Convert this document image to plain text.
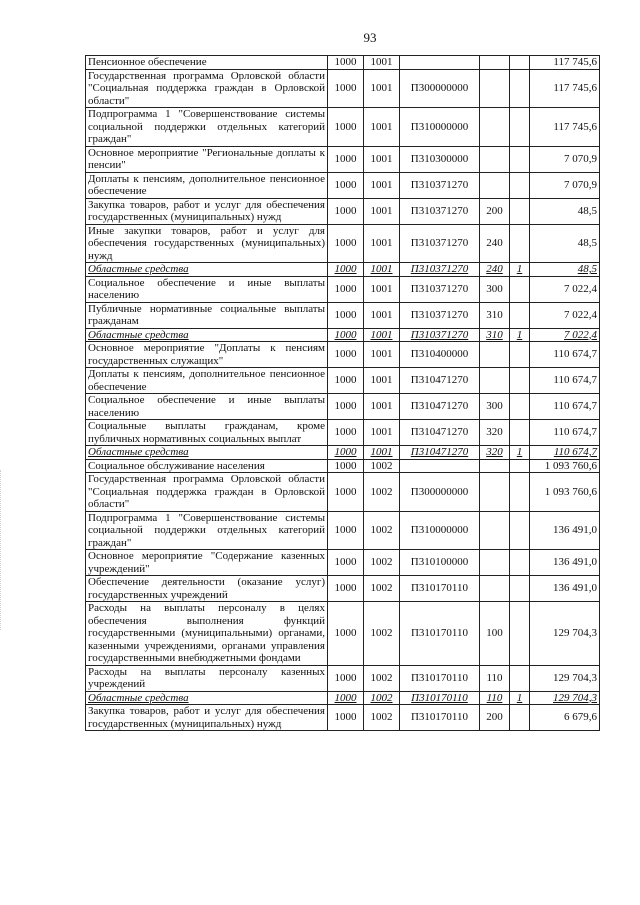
93
Пенсионное обеспечение	1000	1001				117 745,6
Государственная программа Орловской области "Социальная поддержка граждан в Орловской области"	1000	1001	П300000000			117 745,6
Подпрограмма 1 "Совершенствование системы социальной поддержки отдельных категорий граждан"	1000	1001	П310000000			117 745,6
Основное мероприятие "Региональные доплаты к пенсии"	1000	1001	П310300000			7 070,9
Доплаты к пенсиям, дополнительное пенсионное обеспечение	1000	1001	П310371270			7 070,9
Закупка товаров, работ и услуг для обеспечения государственных (муниципальных) нужд	1000	1001	П310371270	200		48,5
Иные закупки товаров, работ и услуг для обеспечения государственных (муниципальных) нужд	1000	1001	П310371270	240		48,5
Областные средства	1000	1001	П310371270	240	1	48,5
Социальное обеспечение и иные выплаты населению	1000	1001	П310371270	300		7 022,4
Публичные нормативные социальные выплаты гражданам	1000	1001	П310371270	310		7 022,4
Областные средства	1000	1001	П310371270	310	1	7 022,4
Основное мероприятие "Доплаты к пенсиям государственных служащих"	1000	1001	П310400000			110 674,7
Доплаты к пенсиям, дополнительное пенсионное обеспечение	1000	1001	П310471270			110 674,7
Социальное обеспечение и иные выплаты населению	1000	1001	П310471270	300		110 674,7
Социальные выплаты гражданам, кроме публичных нормативных социальных выплат	1000	1001	П310471270	320		110 674,7
Областные средства	1000	1001	П310471270	320	1	110 674,7
Социальное обслуживание населения	1000	1002				1 093 760,6
Государственная программа Орловской области "Социальная поддержка граждан в Орловской области"	1000	1002	П300000000			1 093 760,6
Подпрограмма 1 "Совершенствование системы социальной поддержки отдельных категорий граждан"	1000	1002	П310000000			136 491,0
Основное мероприятие "Содержание казенных учреждений"	1000	1002	П310100000			136 491,0
Обеспечение деятельности (оказание услуг) государственных учреждений	1000	1002	П310170110			136 491,0
Расходы на выплаты персоналу в целях обеспечения выполнения функций государственными (муниципальными) органами, казенными учреждениями, органами управления государственными внебюджетными фондами	1000	1002	П310170110	100		129 704,3
Расходы на выплаты персоналу казенных учреждений	1000	1002	П310170110	110		129 704,3
Областные средства	1000	1002	П310170110	110	1	129 704,3
Закупка товаров, работ и услуг для обеспечения государственных (муниципальных) нужд	1000	1002	П310170110	200		6 679,6
